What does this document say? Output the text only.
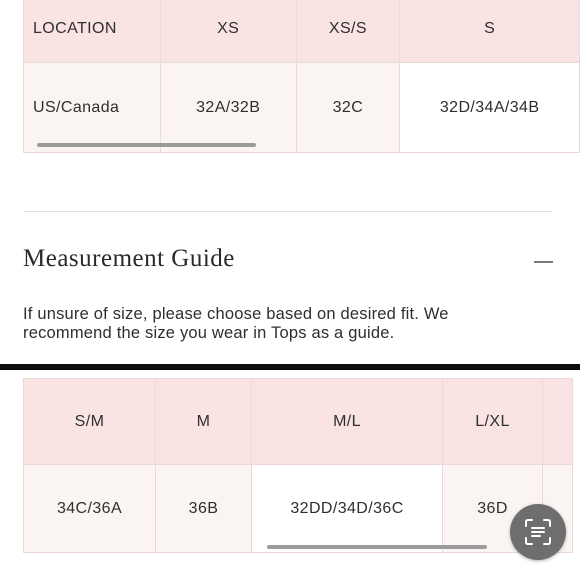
LOCATION	XS	XS/S	S
US/Canada	32A/32B	32C	32D/34A/34B
Measurement Guide
If unsure of size, please choose based on desired fit. We
recommend the size you wear in Tops as a guide.
S/M	M	M/L	L/XL	
34C/36A	36B	32DD/34D/36C	36D	
